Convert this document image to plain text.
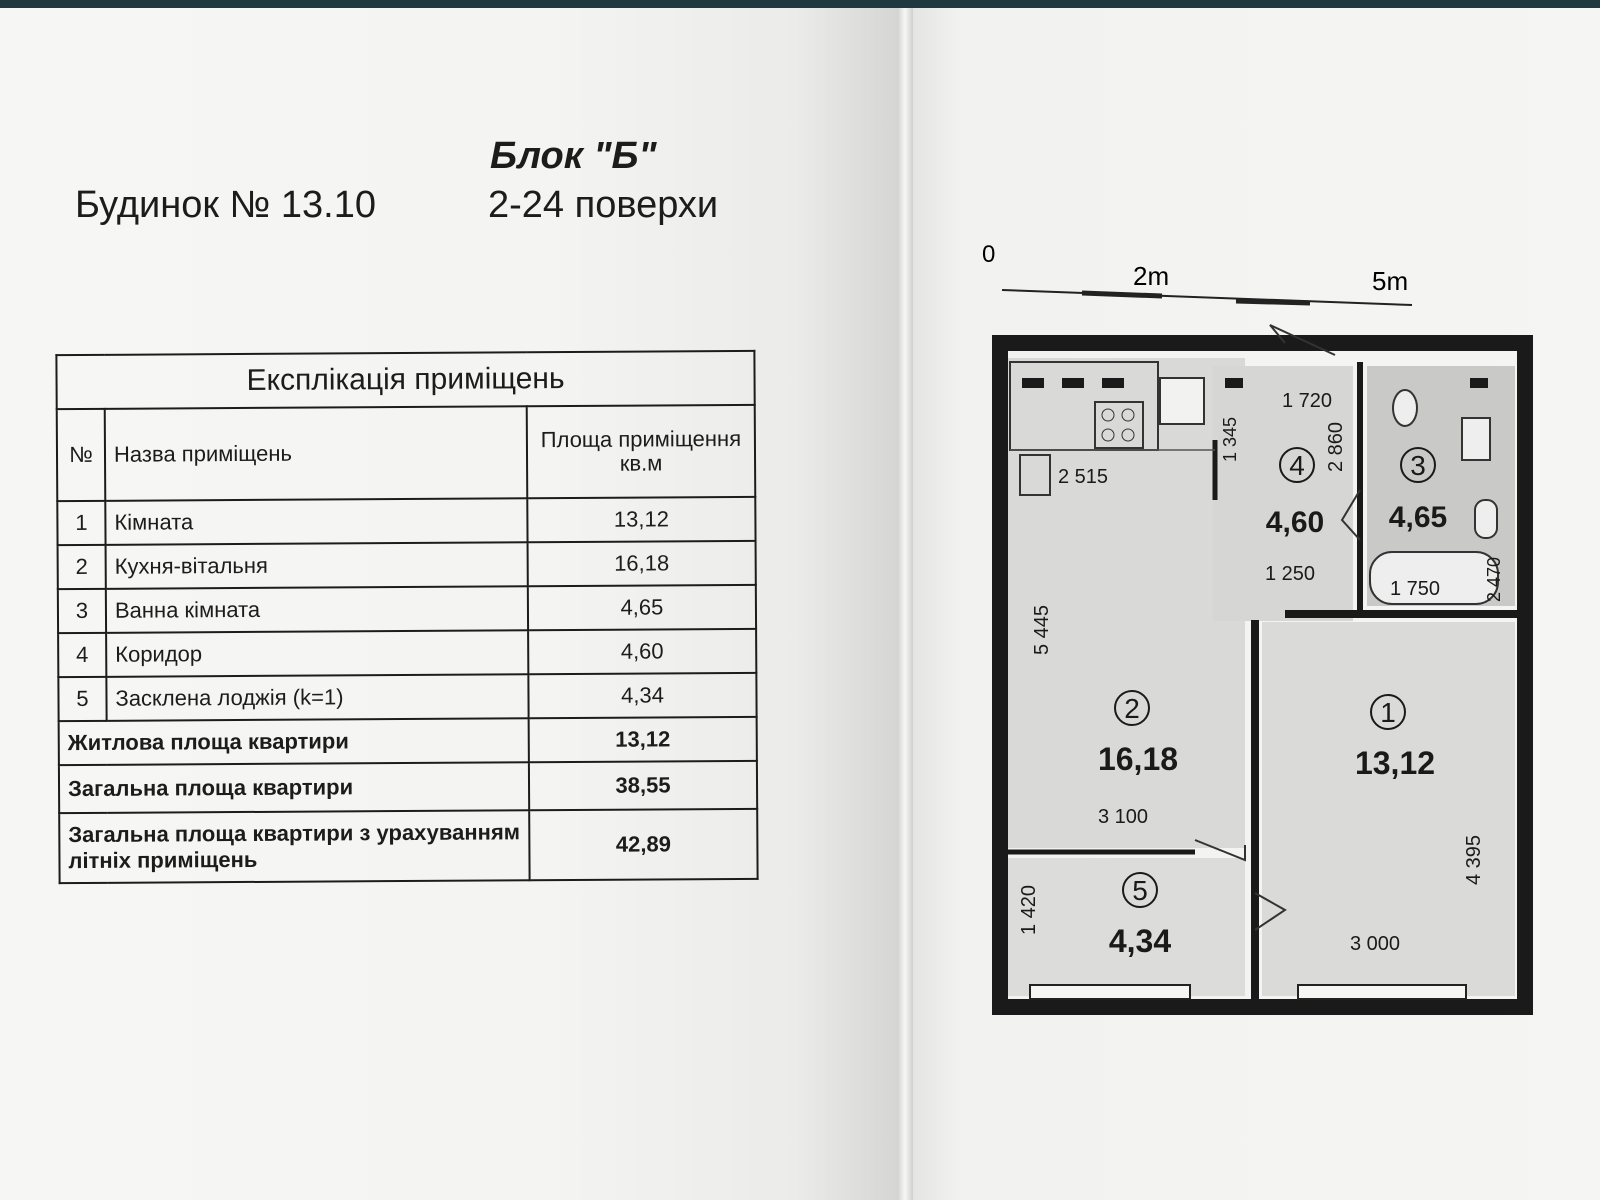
Блок "Б"
Будинок № 13.10	2-24 поверхи
Експлікація приміщень		
№	Назва приміщень	Площа приміщення кв.м
1	Кімната	13,12
2	Кухня-вітальня	16,18
3	Ванна кімната	4,65
4	Коридор	4,60
5	Засклена лоджія (k=1)	4,34
Житлова площа квартири		13,12
Загальна площа квартири		38,55
Загальна площа квартири з урахуванням літніх приміщень		42,89
0
2m	5m
2
16,18
1
13,12
3
4,65
4
4,60
5
4,34
2 515
1 720
1 345	2 860
1 250
1 750 2 470
5 445
3 100
4 395
3 000
1 420
